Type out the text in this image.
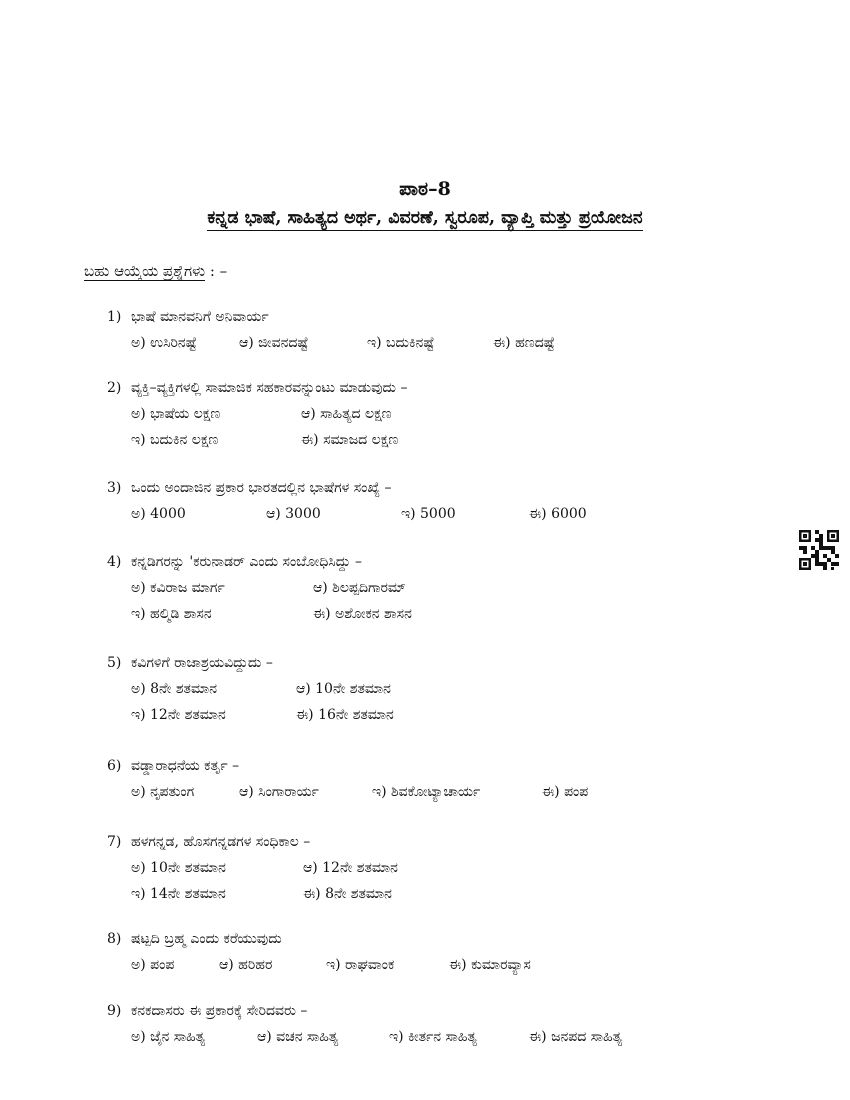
ಪಾಠ–8
ಕನ್ನಡ ಭಾಷೆ, ಸಾಹಿತ್ಯದ ಅರ್ಥ, ವಿವರಣೆ, ಸ್ವರೂಪ, ವ್ಯಾಪ್ತಿ ಮತ್ತು ಪ್ರಯೋಜನ
ಬಹು ಆಯ್ಕೆಯ ಪ್ರಶ್ನೆಗಳು : –
1) ಭಾಷೆ ಮಾನವನಿಗೆ ಅನಿವಾರ್ಯ
ಅ) ಉಸಿರಿನಷ್ಟೆ	ಆ) ಜೀವನದಷ್ಟೆ	ಇ) ಬದುಕಿನಷ್ಟೆ	ಈ) ಹಣದಷ್ಟೆ
2) ವ್ಯಕ್ತಿ–ವ್ಯಕ್ತಿಗಳಲ್ಲಿ ಸಾಮಾಜಿಕ ಸಹಕಾರವನ್ನುಂಟು ಮಾಡುವುದು –
ಅ) ಭಾಷೆಯ ಲಕ್ಷಣ	ಆ) ಸಾಹಿತ್ಯದ ಲಕ್ಷಣ
ಇ) ಬದುಕಿನ ಲಕ್ಷಣ	ಈ) ಸಮಾಜದ ಲಕ್ಷಣ
3) ಒಂದು ಅಂದಾಜಿನ ಪ್ರಕಾರ ಭಾರತದಲ್ಲಿನ ಭಾಷೆಗಳ ಸಂಖ್ಯೆ –
ಅ) 4000	ಆ) 3000	ಇ) 5000	ಈ) 6000
4) ಕನ್ನಡಿಗರನ್ನು 'ಕರುನಾಡರ್ ಎಂದು ಸಂಬೋಧಿಸಿದ್ದು –
ಅ) ಕವಿರಾಜ ಮಾರ್ಗ	ಆ) ಶಿಲಪ್ಪದಿಗಾರಮ್
ಇ) ಹಲ್ಮಿಡಿ ಶಾಸನ	ಈ) ಅಶೋಕನ ಶಾಸನ
5) ಕವಿಗಳಿಗೆ ರಾಜಾಶ್ರಯವಿದ್ದುದು –
ಅ) 8ನೇ ಶತಮಾನ	ಆ) 10ನೇ ಶತಮಾನ
ಇ) 12ನೇ ಶತಮಾನ	ಈ) 16ನೇ ಶತಮಾನ
6) ವಡ್ಡಾರಾಧನೆಯ ಕರ್ತೃ –
ಅ) ನೃಪತುಂಗ	ಆ) ಸಿಂಗಾರಾರ್ಯ	ಇ) ಶಿವಕೋಟ್ಯಾಚಾರ್ಯ	ಈ) ಪಂಪ
7) ಹಳಗನ್ನಡ, ಹೊಸಗನ್ನಡಗಳ ಸಂಧಿಕಾಲ –
ಅ) 10ನೇ ಶತಮಾನ	ಆ) 12ನೇ ಶತಮಾನ
ಇ) 14ನೇ ಶತಮಾನ	ಈ) 8ನೇ ಶತಮಾನ
8) ಷಟ್ಪದಿ ಬ್ರಹ್ಮ ಎಂದು ಕರೆಯುವುದು
ಅ) ಪಂಪ	ಆ) ಹರಿಹರ	ಇ) ರಾಘವಾಂಕ	ಈ) ಕುಮಾರವ್ಯಾಸ
9) ಕನಕದಾಸರು ಈ ಪ್ರಕಾರಕ್ಕೆ ಸೇರಿದವರು –
ಅ) ಜೈನ ಸಾಹಿತ್ಯ	ಆ) ವಚನ ಸಾಹಿತ್ಯ	ಇ) ಕೀರ್ತನ ಸಾಹಿತ್ಯ	ಈ) ಜನಪದ ಸಾಹಿತ್ಯ
